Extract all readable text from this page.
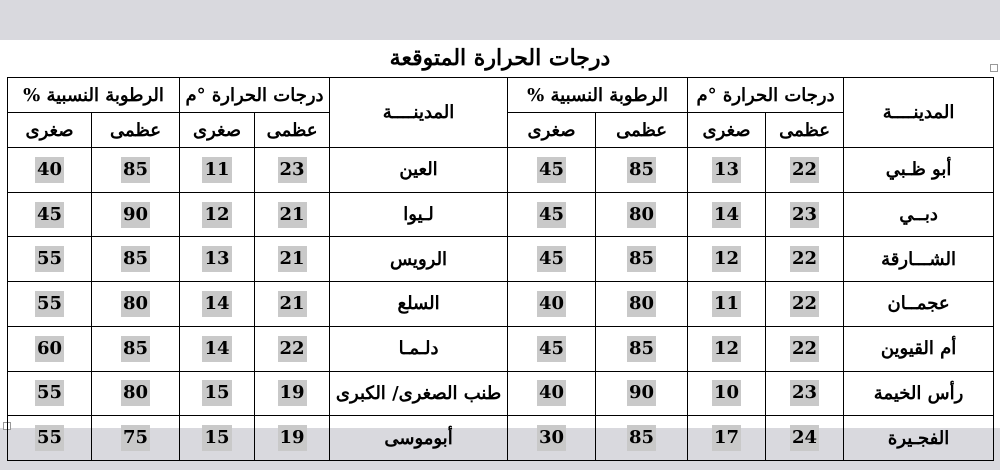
درجات الحرارة المتوقعة
المدينــــة	درجات الحرارة °م		الرطوبة النسبية %		المدينــــة	درجات الحرارة °م		الرطوبة النسبية %	
	عظمى	صغرى	عظمى	صغرى		عظمى	صغرى	عظمى	صغرى
أبو ظـبي	22	13	85	45	العين	23	11	85	40
دبــي	23	14	80	45	لـيوا	21	12	90	45
الشـــارقة	22	12	85	45	الرويس	21	13	85	55
عجمــان	22	11	80	40	السلع	21	14	80	55
أم القيوين	22	12	85	45	دلـمـا	22	14	85	60
رأس الخيمة	23	10	90	40	طنب الصغرى/ الكبرى	19	15	80	55
الفجـيرة	24	17	85	30	أبوموسى	19	15	75	55
